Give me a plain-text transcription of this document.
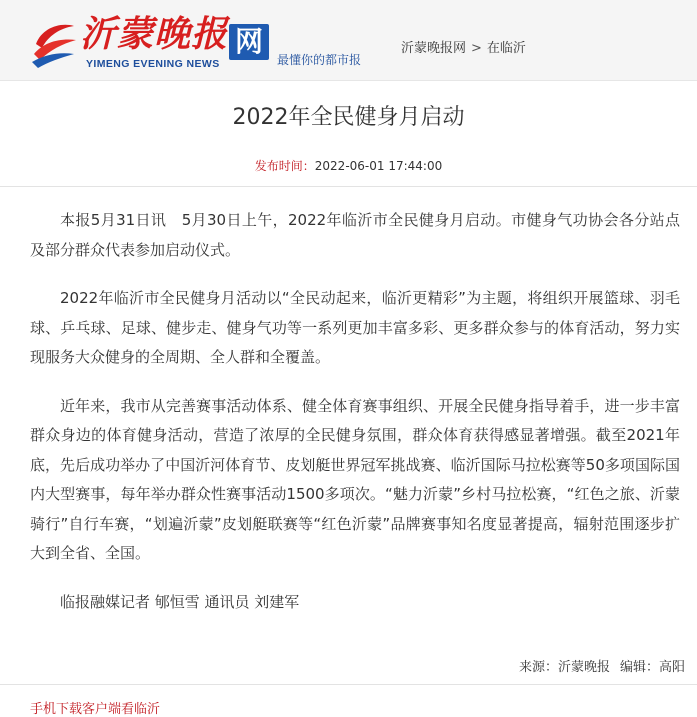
沂蒙晚报
YIMENG EVENING NEWS
网
最懂你的都市报
沂蒙晚报网 > 在临沂
2022年全民健身月启动
发布时间：2022-06-01 17:44:00

本报5月31日讯　5月30日上午，2022年临沂市全民健身月启动。市健身气功协会各分站点及部分群众代表参加启动仪式。

2022年临沂市全民健身月活动以“全民动起来，临沂更精彩”为主题，将组织开展篮球、羽毛球、乒乓球、足球、健步走、健身气功等一系列更加丰富多彩、更多群众参与的体育活动，努力实现服务大众健身的全周期、全人群和全覆盖。

近年来，我市从完善赛事活动体系、健全体育赛事组织、开展全民健身指导着手，进一步丰富群众身边的体育健身活动，营造了浓厚的全民健身氛围，群众体育获得感显著增强。截至2021年底，先后成功举办了中国沂河体育节、皮划艇世界冠军挑战赛、临沂国际马拉松赛等50多项国际国内大型赛事，每年举办群众性赛事活动1500多项次。“魅力沂蒙”乡村马拉松赛，“红色之旅、沂蒙骑行”自行车赛，“划遍沂蒙”皮划艇联赛等“红色沂蒙”品牌赛事知名度显著提高，辐射范围逐步扩大到全省、全国。

临报融媒记者 郇恒雪 通讯员 刘建军

来源：沂蒙晚报 编辑：高阳
手机下载客户端看临沂
